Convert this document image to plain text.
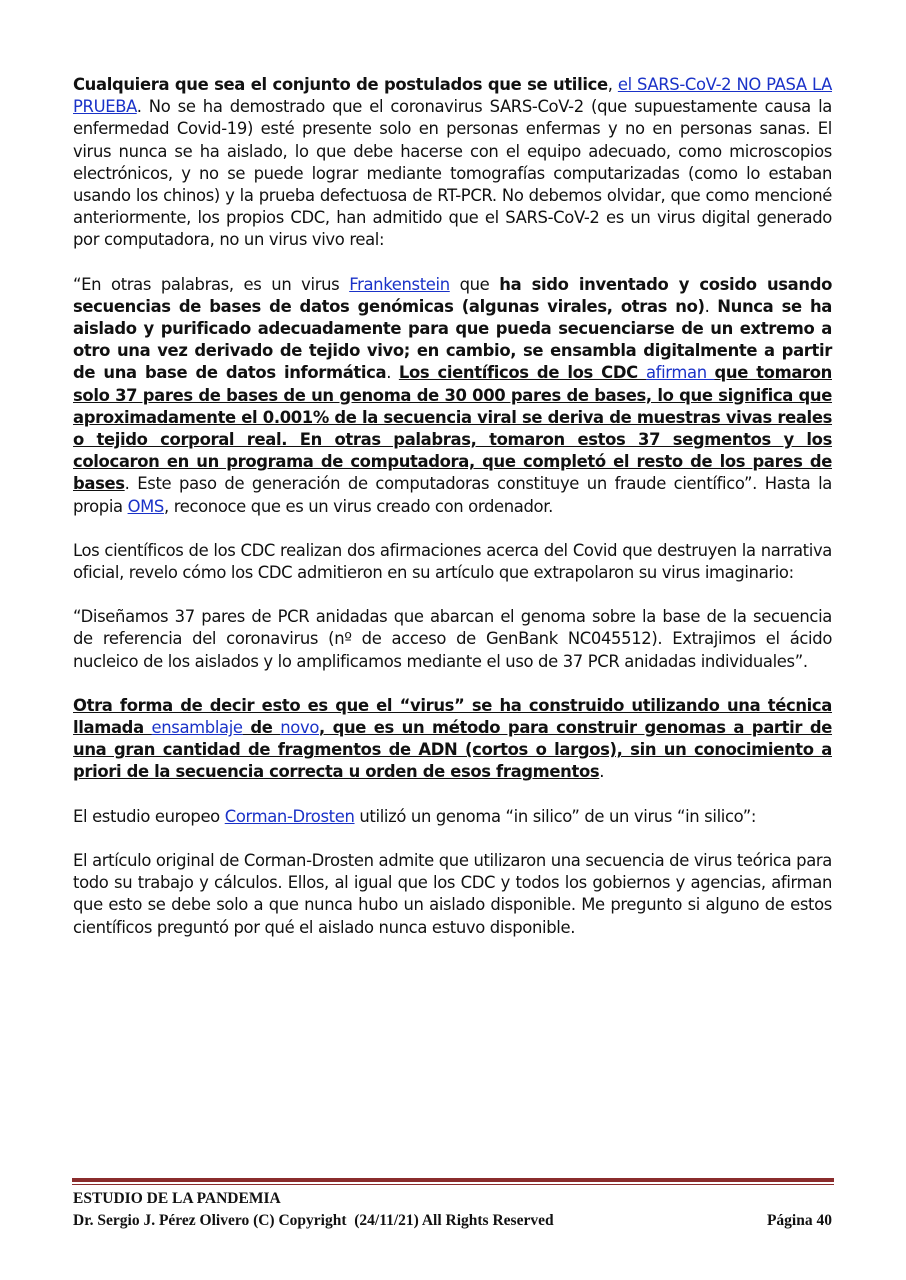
Cualquiera que sea el conjunto de postulados que se utilice, el SARS-CoV-2 NO PASA LA PRUEBA. No se ha demostrado que el coronavirus SARS-CoV-2 (que supuestamente causa la enfermedad Covid-19) esté presente solo en personas enfermas y no en personas sanas. El virus nunca se ha aislado, lo que debe hacerse con el equipo adecuado, como microscopios electrónicos, y no se puede lograr mediante tomografías computarizadas (como lo estaban usando los chinos) y la prueba defectuosa de RT-PCR. No debemos olvidar, que como mencioné anteriormente, los propios CDC, han admitido que el SARS-CoV-2 es un virus digital generado por computadora, no un virus vivo real:

“En otras palabras, es un virus Frankenstein que ha sido inventado y cosido usando secuencias de bases de datos genómicas (algunas virales, otras no). Nunca se ha aislado y purificado adecuadamente para que pueda secuenciarse de un extremo a otro una vez derivado de tejido vivo; en cambio, se ensambla digitalmente a partir de una base de datos informática. Los científicos de los CDC afirman que tomaron solo 37 pares de bases de un genoma de 30 000 pares de bases, lo que significa que aproximadamente el 0.001% de la secuencia viral se deriva de muestras vivas reales o tejido corporal real. En otras palabras, tomaron estos 37 segmentos y los colocaron en un programa de computadora, que completó el resto de los pares de bases. Este paso de generación de computadoras constituye un fraude científico”. Hasta la propia OMS, reconoce que es un virus creado con ordenador.

Los científicos de los CDC realizan dos afirmaciones acerca del Covid que destruyen la narrativa oficial, revelo cómo los CDC admitieron en su artículo que extrapolaron su virus imaginario:

“Diseñamos 37 pares de PCR anidadas que abarcan el genoma sobre la base de la secuencia de referencia del coronavirus (nº de acceso de GenBank NC045512). Extrajimos el ácido nucleico de los aislados y lo amplificamos mediante el uso de 37 PCR anidadas individuales”.

Otra forma de decir esto es que el “virus” se ha construido utilizando una técnica llamada ensamblaje de novo, que es un método para construir genomas a partir de una gran cantidad de fragmentos de ADN (cortos o largos), sin un conocimiento a priori de la secuencia correcta u orden de esos fragmentos.

El estudio europeo Corman-Drosten utilizó un genoma “in silico” de un virus “in silico”:

El artículo original de Corman-Drosten admite que utilizaron una secuencia de virus teórica para todo su trabajo y cálculos. Ellos, al igual que los CDC y todos los gobiernos y agencias, afirman que esto se debe solo a que nunca hubo un aislado disponible. Me pregunto si alguno de estos científicos preguntó por qué el aislado nunca estuvo disponible.

ESTUDIO DE LA PANDEMIA
Dr. Sergio J. Pérez Olivero (C) Copyright  (24/11/21) All Rights Reserved	Página 40
